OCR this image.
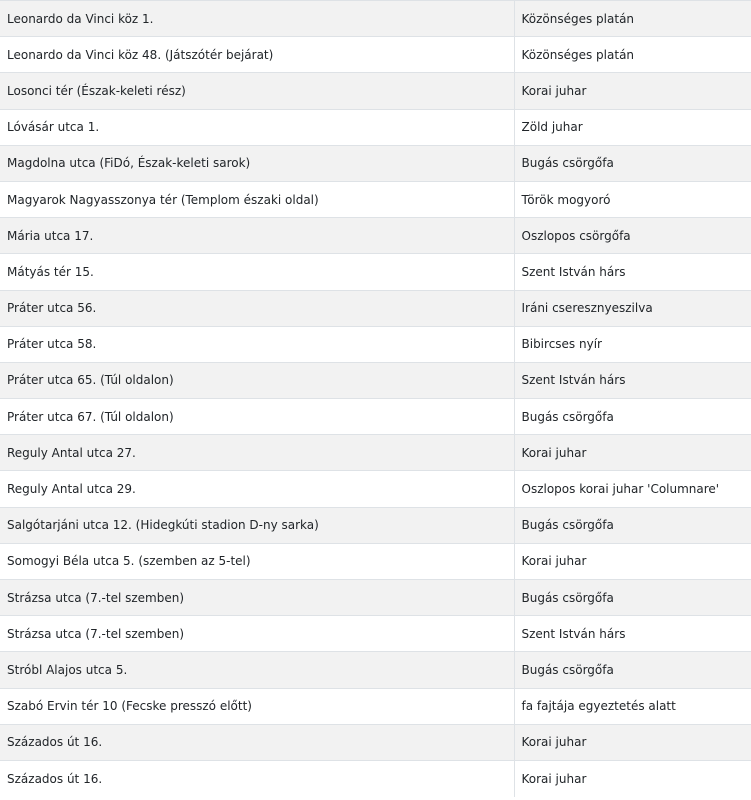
Leonardo da Vinci köz 1.	Közönséges platán
Leonardo da Vinci köz 48. (Játszótér bejárat)	Közönséges platán
Losonci tér (Észak-keleti rész)	Korai juhar
Lóvásár utca 1.	Zöld juhar
Magdolna utca (FiDó, Észak-keleti sarok)	Bugás csörgőfa
Magyarok Nagyasszonya tér (Templom északi oldal)	Török mogyoró
Mária utca 17.	Oszlopos csörgőfa
Mátyás tér 15.	Szent István hárs
Práter utca 56.	Iráni cseresznyeszilva
Práter utca 58.	Bibircses nyír
Práter utca 65. (Túl oldalon)	Szent István hárs
Práter utca 67. (Túl oldalon)	Bugás csörgőfa
Reguly Antal utca 27.	Korai juhar
Reguly Antal utca 29.	Oszlopos korai juhar 'Columnare'
Salgótarjáni utca 12. (Hidegkúti stadion D-ny sarka)	Bugás csörgőfa
Somogyi Béla utca 5. (szemben az 5-tel)	Korai juhar
Strázsa utca (7.-tel szemben)	Bugás csörgőfa
Strázsa utca (7.-tel szemben)	Szent István hárs
Stróbl Alajos utca 5.	Bugás csörgőfa
Szabó Ervin tér 10 (Fecske presszó előtt)	fa fajtája egyeztetés alatt
Százados út 16.	Korai juhar
Százados út 16.	Korai juhar
